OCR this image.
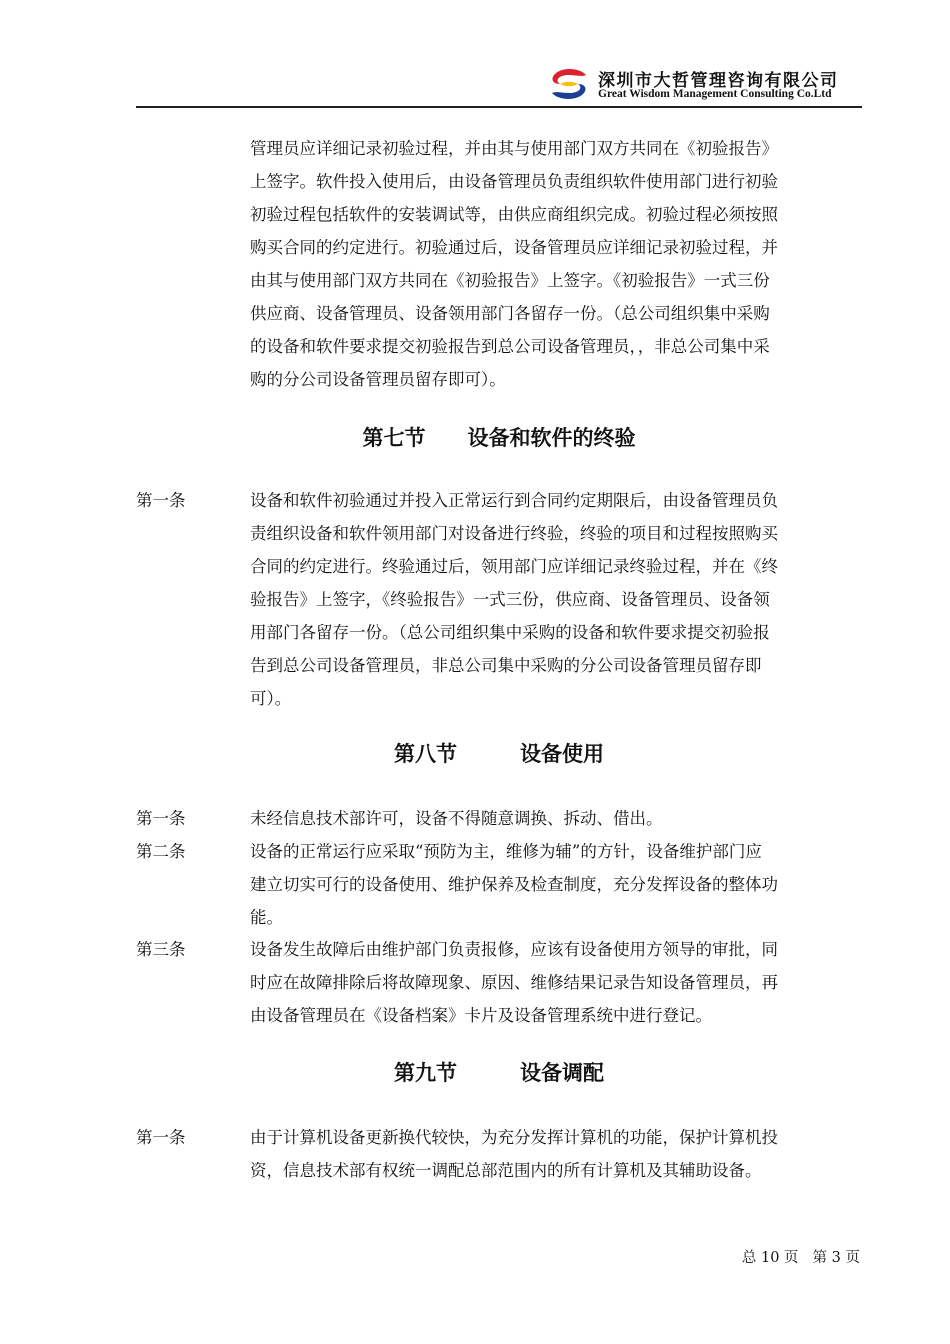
深圳市大哲管理咨询有限公司
Great Wisdom Management Consulting Co.Ltd
管理员应详细记录初验过程，并由其与使用部门双方共同在《初验报告》
上签字。软件投入使用后，由设备管理员负责组织软件使用部门进行初验
初验过程包括软件的安装调试等，由供应商组织完成。初验过程必须按照
购买合同的约定进行。初验通过后，设备管理员应详细记录初验过程，并
由其与使用部门双方共同在《初验报告》上签字。《初验报告》一式三份
供应商、设备管理员、设备领用部门各留存一份。（总公司组织集中采购
的设备和软件要求提交初验报告到总公司设备管理员，，非总公司集中采
购的分公司设备管理员留存即可）。
第七节　　设备和软件的终验
第一条	设备和软件初验通过并投入正常运行到合同约定期限后，由设备管理员负
责组织设备和软件领用部门对设备进行终验，终验的项目和过程按照购买
合同的约定进行。终验通过后，领用部门应详细记录终验过程，并在《终
验报告》上签字，《终验报告》一式三份，供应商、设备管理员、设备领
用部门各留存一份。（总公司组织集中采购的设备和软件要求提交初验报
告到总公司设备管理员，非总公司集中采购的分公司设备管理员留存即
可）。
第八节　　　设备使用
第一条	未经信息技术部许可，设备不得随意调换、拆动、借出。
第二条	设备的正常运行应采取“预防为主，维修为辅”的方针，设备维护部门应
建立切实可行的设备使用、维护保养及检查制度，充分发挥设备的整体功
能。
第三条	设备发生故障后由维护部门负责报修，应该有设备使用方领导的审批，同
时应在故障排除后将故障现象、原因、维修结果记录告知设备管理员，再
由设备管理员在《设备档案》卡片及设备管理系统中进行登记。
第九节　　　设备调配
第一条	由于计算机设备更新换代较快，为充分发挥计算机的功能，保护计算机投
资，信息技术部有权统一调配总部范围内的所有计算机及其辅助设备。
总 10 页 第 3 页
